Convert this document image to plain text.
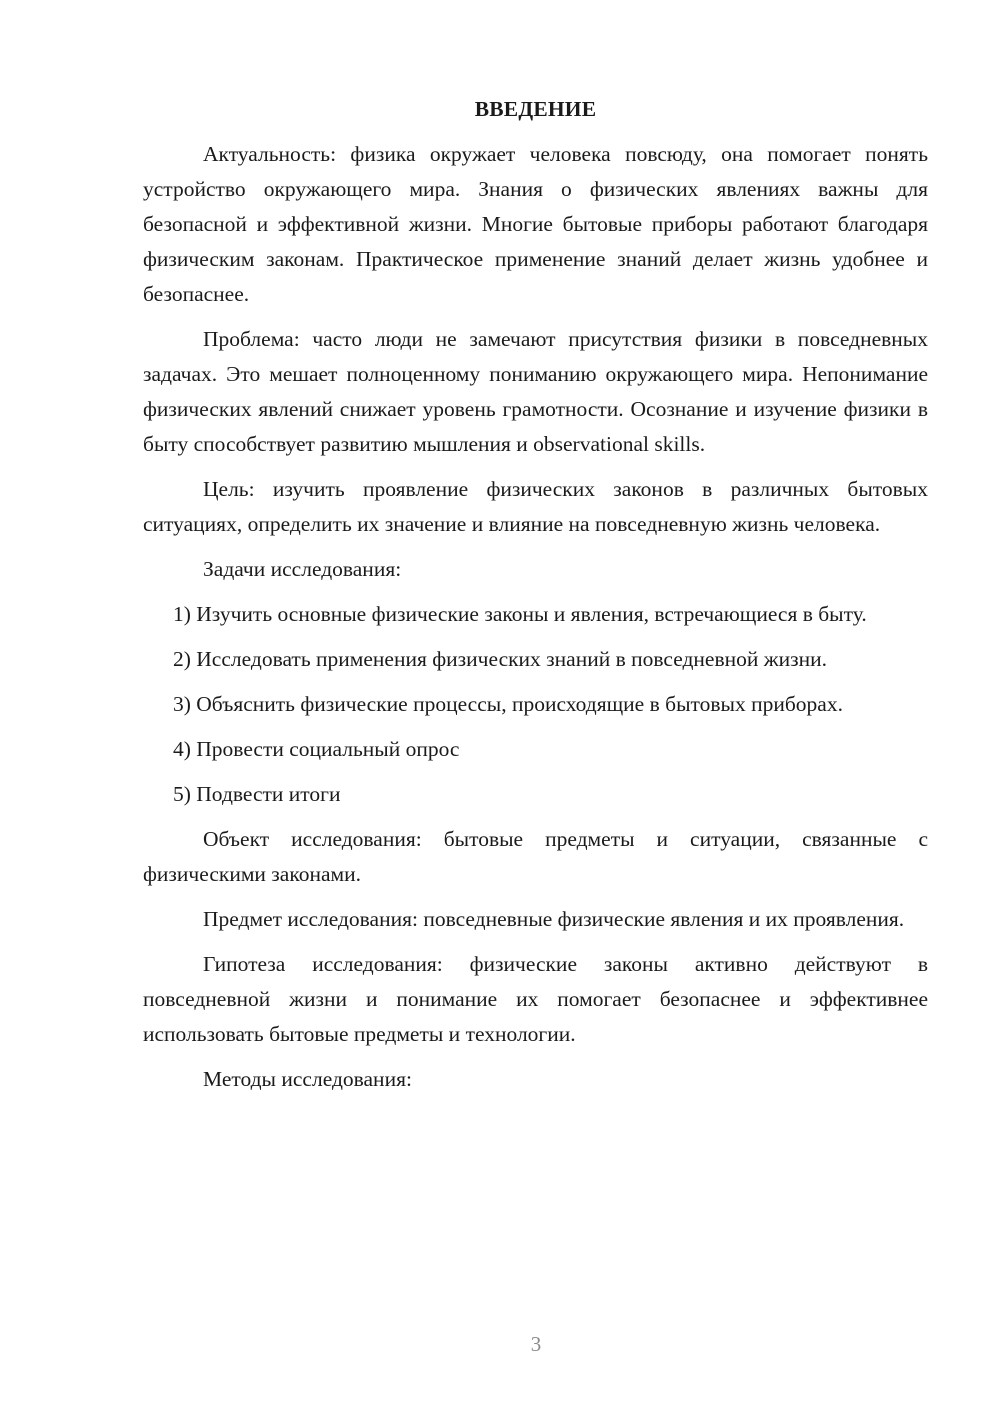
ВВЕДЕНИЕ

Актуальность: физика окружает человека повсюду, она помогает понять устройство окружающего мира. Знания о физических явлениях важны для безопасной и эффективной жизни. Многие бытовые приборы работают благодаря физическим законам. Практическое применение знаний делает жизнь удобнее и безопаснее.

Проблема: часто люди не замечают присутствия физики в повседневных задачах. Это мешает полноценному пониманию окружающего мира. Непонимание физических явлений снижает уровень грамотности. Осознание и изучение физики в быту способствует развитию мышления и observational skills.

Цель: изучить проявление физических законов в различных бытовых ситуациях, определить их значение и влияние на повседневную жизнь человека.

Задачи исследования:

1) Изучить основные физические законы и явления, встречающиеся в быту.

2) Исследовать применения физических знаний в повседневной жизни.

3) Объяснить физические процессы, происходящие в бытовых приборах.

4) Провести социальный опрос

5) Подвести итоги

Объект исследования: бытовые предметы и ситуации, связанные с физическими законами.

Предмет исследования: повседневные физические явления и их проявления.

Гипотеза исследования: физические законы активно действуют в повседневной жизни и понимание их помогает безопаснее и эффективнее использовать бытовые предметы и технологии.

Методы исследования:

3
